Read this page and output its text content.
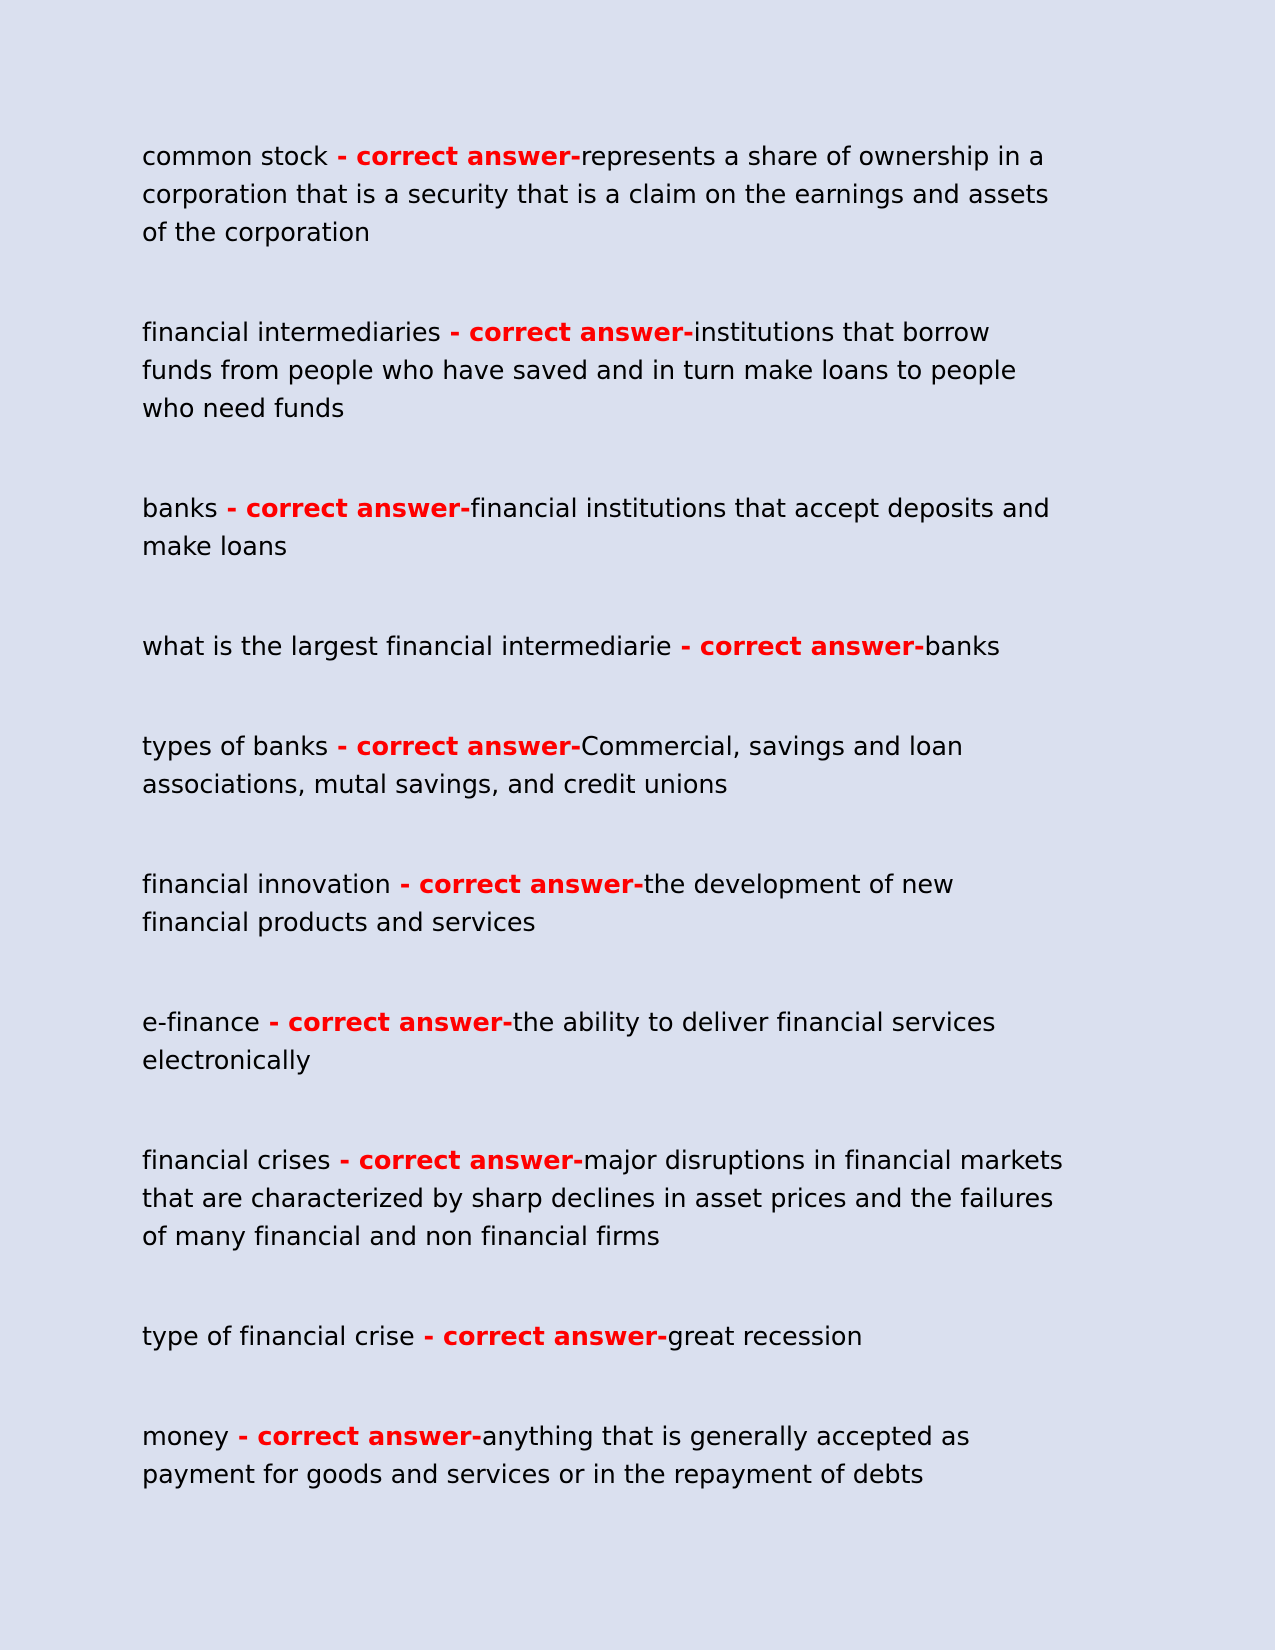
common stock - correct answer-represents a share of ownership in a corporation that is a security that is a claim on the earnings and assets of the corporation

financial intermediaries - correct answer-institutions that borrow funds from people who have saved and in turn make loans to people who need funds

banks - correct answer-financial institutions that accept deposits and make loans

what is the largest financial intermediarie - correct answer-banks

types of banks - correct answer-Commercial, savings and loan associations, mutal savings, and credit unions

financial innovation - correct answer-the development of new financial products and services

e-finance - correct answer-the ability to deliver financial services electronically

financial crises - correct answer-major disruptions in financial markets that are characterized by sharp declines in asset prices and the failures of many financial and non financial firms

type of financial crise - correct answer-great recession

money - correct answer-anything that is generally accepted as payment for goods and services or in the repayment of debts
